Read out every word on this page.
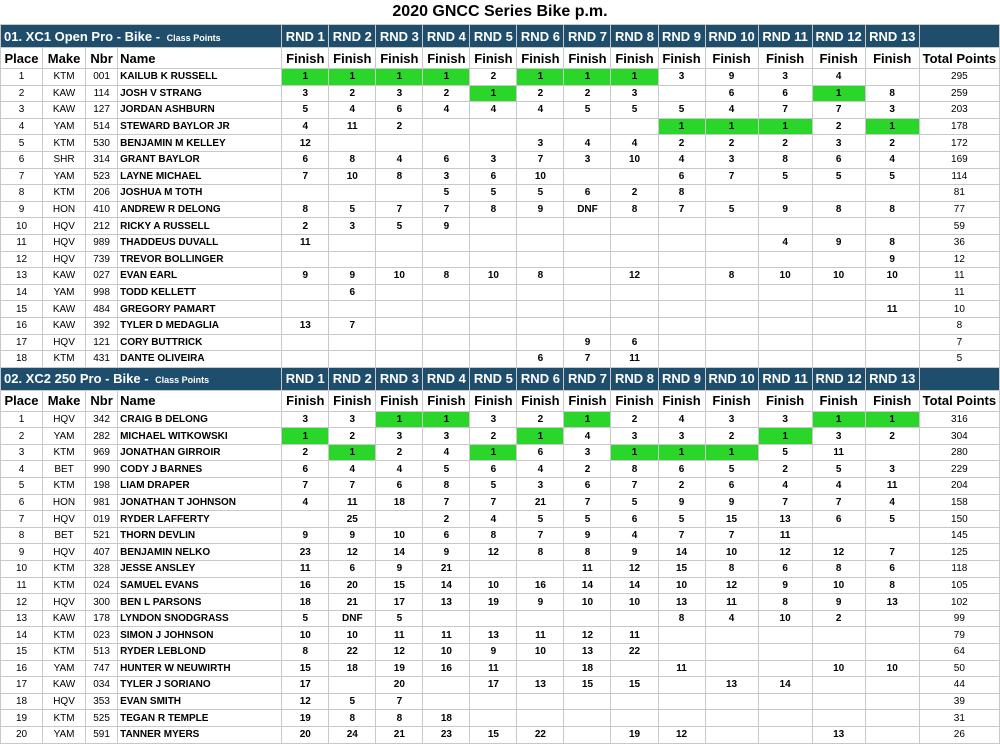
2020 GNCC Series Bike p.m.
01. XC1 Open Pro - Bike - Class Points				RND 1	RND 2	RND 3	RND 4	RND 5	RND 6	RND 7	RND 8	RND 9	RND 10	RND 11	RND 12	RND 13	
Place	Make	Nbr	Name	Finish	Finish	Finish	Finish	Finish	Finish	Finish	Finish	Finish	Finish	Finish	Finish	Finish	Total Points
1	KTM	001	KAILUB K RUSSELL	1	1	1	1	2	1	1	1	3	9	3	4		295
2	KAW	114	JOSH V STRANG	3	2	3	2	1	2	2	3		6	6	1	8	259
3	KAW	127	JORDAN ASHBURN	5	4	6	4	4	4	5	5	5	4	7	7	3	203
4	YAM	514	STEWARD BAYLOR JR	4	11	2						1	1	1	2	1	178
5	KTM	530	BENJAMIN M KELLEY	12					3	4	4	2	2	2	3	2	172
6	SHR	314	GRANT BAYLOR	6	8	4	6	3	7	3	10	4	3	8	6	4	169
7	YAM	523	LAYNE MICHAEL	7	10	8	3	6	10			6	7	5	5	5	114
8	KTM	206	JOSHUA M TOTH				5	5	5	6	2	8					81
9	HON	410	ANDREW R DELONG	8	5	7	7	8	9	DNF	8	7	5	9	8	8	77
10	HQV	212	RICKY A RUSSELL	2	3	5	9										59
11	HQV	989	THADDEUS DUVALL	11										4	9	8	36
12	HQV	739	TREVOR BOLLINGER													9	12
13	KAW	027	EVAN EARL	9	9	10	8	10	8		12		8	10	10	10	11
14	YAM	998	TODD KELLETT		6												11
15	KAW	484	GREGORY PAMART													11	10
16	KAW	392	TYLER D MEDAGLIA	13	7												8
17	HQV	121	CORY BUTTRICK							9	6						7
18	KTM	431	DANTE OLIVEIRA						6	7	11						5
02. XC2 250 Pro - Bike - Class Points				RND 1	RND 2	RND 3	RND 4	RND 5	RND 6	RND 7	RND 8	RND 9	RND 10	RND 11	RND 12	RND 13	
Place	Make	Nbr	Name	Finish	Finish	Finish	Finish	Finish	Finish	Finish	Finish	Finish	Finish	Finish	Finish	Finish	Total Points
1	HQV	342	CRAIG B DELONG	3	3	1	1	3	2	1	2	4	3	3	1	1	316
2	YAM	282	MICHAEL WITKOWSKI	1	2	3	3	2	1	4	3	3	2	1	3	2	304
3	KTM	969	JONATHAN GIRROIR	2	1	2	4	1	6	3	1	1	1	5	11		280
4	BET	990	CODY J BARNES	6	4	4	5	6	4	2	8	6	5	2	5	3	229
5	KTM	198	LIAM DRAPER	7	7	6	8	5	3	6	7	2	6	4	4	11	204
6	HON	981	JONATHAN T JOHNSON	4	11	18	7	7	21	7	5	9	9	7	7	4	158
7	HQV	019	RYDER LAFFERTY		25		2	4	5	5	6	5	15	13	6	5	150
8	BET	521	THORN DEVLIN	9	9	10	6	8	7	9	4	7	7	11			145
9	HQV	407	BENJAMIN NELKO	23	12	14	9	12	8	8	9	14	10	12	12	7	125
10	KTM	328	JESSE ANSLEY	11	6	9	21			11	12	15	8	6	8	6	118
11	KTM	024	SAMUEL EVANS	16	20	15	14	10	16	14	14	10	12	9	10	8	105
12	HQV	300	BEN L PARSONS	18	21	17	13	19	9	10	10	13	11	8	9	13	102
13	KAW	178	LYNDON SNODGRASS	5	DNF	5						8	4	10	2		99
14	KTM	023	SIMON J JOHNSON	10	10	11	11	13	11	12	11						79
15	KTM	513	RYDER LEBLOND	8	22	12	10	9	10	13	22						64
16	YAM	747	HUNTER W NEUWIRTH	15	18	19	16	11		18		11			10	10	50
17	KAW	034	TYLER J SORIANO	17		20		17	13	15	15		13	14			44
18	HQV	353	EVAN SMITH	12	5	7											39
19	KTM	525	TEGAN R TEMPLE	19	8	8	18										31
20	YAM	591	TANNER MYERS	20	24	21	23	15	22		19	12			13		26
